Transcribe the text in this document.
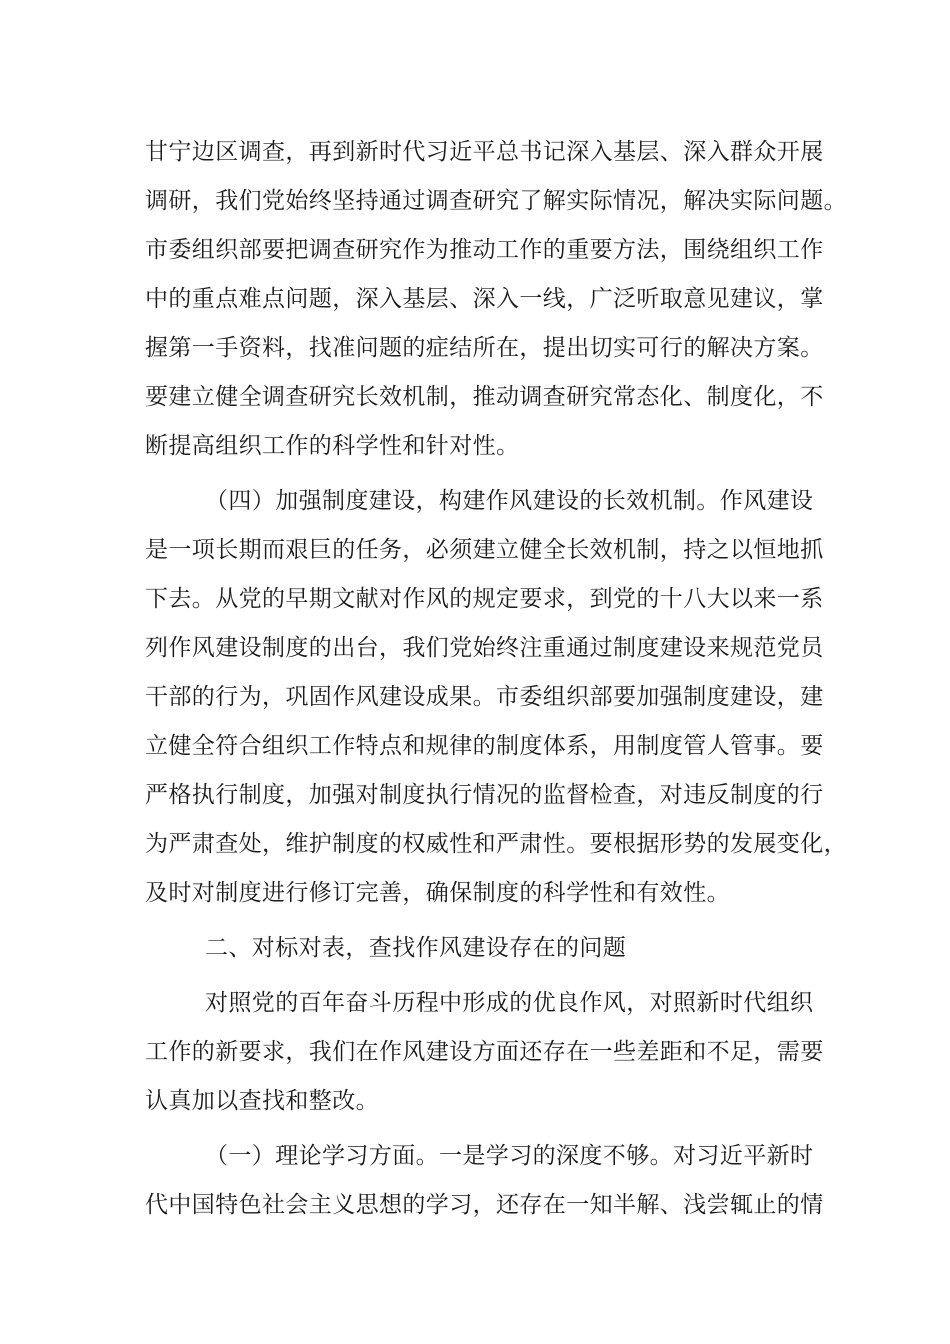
甘宁边区调查，再到新时代习近平总书记深入基层、深入群众开展
调研，我们党始终坚持通过调查研究了解实际情况，解决实际问题。
市委组织部要把调查研究作为推动工作的重要方法，围绕组织工作
中的重点难点问题，深入基层、深入一线，广泛听取意见建议，掌
握第一手资料，找准问题的症结所在，提出切实可行的解决方案。
要建立健全调查研究长效机制，推动调查研究常态化、制度化，不
断提高组织工作的科学性和针对性。
（四）加强制度建设，构建作风建设的长效机制。作风建设
是一项长期而艰巨的任务，必须建立健全长效机制，持之以恒地抓
下去。从党的早期文献对作风的规定要求，到党的十八大以来一系
列作风建设制度的出台，我们党始终注重通过制度建设来规范党员
干部的行为，巩固作风建设成果。市委组织部要加强制度建设，建
立健全符合组织工作特点和规律的制度体系，用制度管人管事。要
严格执行制度，加强对制度执行情况的监督检查，对违反制度的行
为严肃查处，维护制度的权威性和严肃性。要根据形势的发展变化，
及时对制度进行修订完善，确保制度的科学性和有效性。
二、对标对表，查找作风建设存在的问题
对照党的百年奋斗历程中形成的优良作风，对照新时代组织
工作的新要求，我们在作风建设方面还存在一些差距和不足，需要
认真加以查找和整改。
（一）理论学习方面。一是学习的深度不够。对习近平新时
代中国特色社会主义思想的学习，还存在一知半解、浅尝辄止的情
